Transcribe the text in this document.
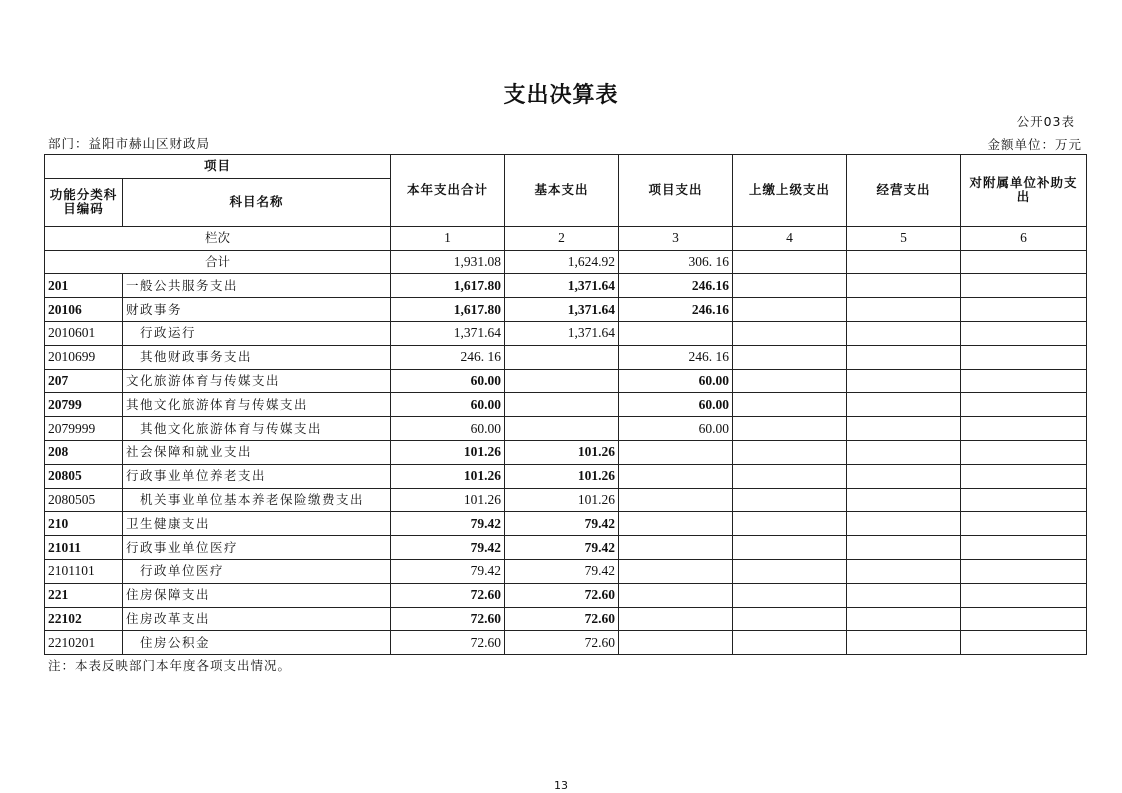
支出决算表
公开03表
部门：益阳市赫山区财政局	金额单位：万元
项目		本年支出合计	基本支出	项目支出	上缴上级支出	经营支出	对附属单位补助支出
功能分类科目编码	科目名称						
栏次		1	2	3	4	5	6
合计		1,931.08	1,624.92	306. 16			
201	一般公共服务支出	1,617.80	1,371.64	246.16			
20106	财政事务	1,617.80	1,371.64	246.16			
2010601	行政运行	1,371.64	1,371.64				
2010699	其他财政事务支出	246. 16		246. 16			
207	文化旅游体育与传媒支出	60.00		60.00			
20799	其他文化旅游体育与传媒支出	60.00		60.00			
2079999	其他文化旅游体育与传媒支出	60.00		60.00			
208	社会保障和就业支出	101.26	101.26				
20805	行政事业单位养老支出	101.26	101.26				
2080505	机关事业单位基本养老保险缴费支出	101.26	101.26				
210	卫生健康支出	79.42	79.42				
21011	行政事业单位医疗	79.42	79.42				
2101101	行政单位医疗	79.42	79.42				
221	住房保障支出	72.60	72.60				
22102	住房改革支出	72.60	72.60				
2210201	住房公积金	72.60	72.60				
注：本表反映部门本年度各项支出情况。
13
